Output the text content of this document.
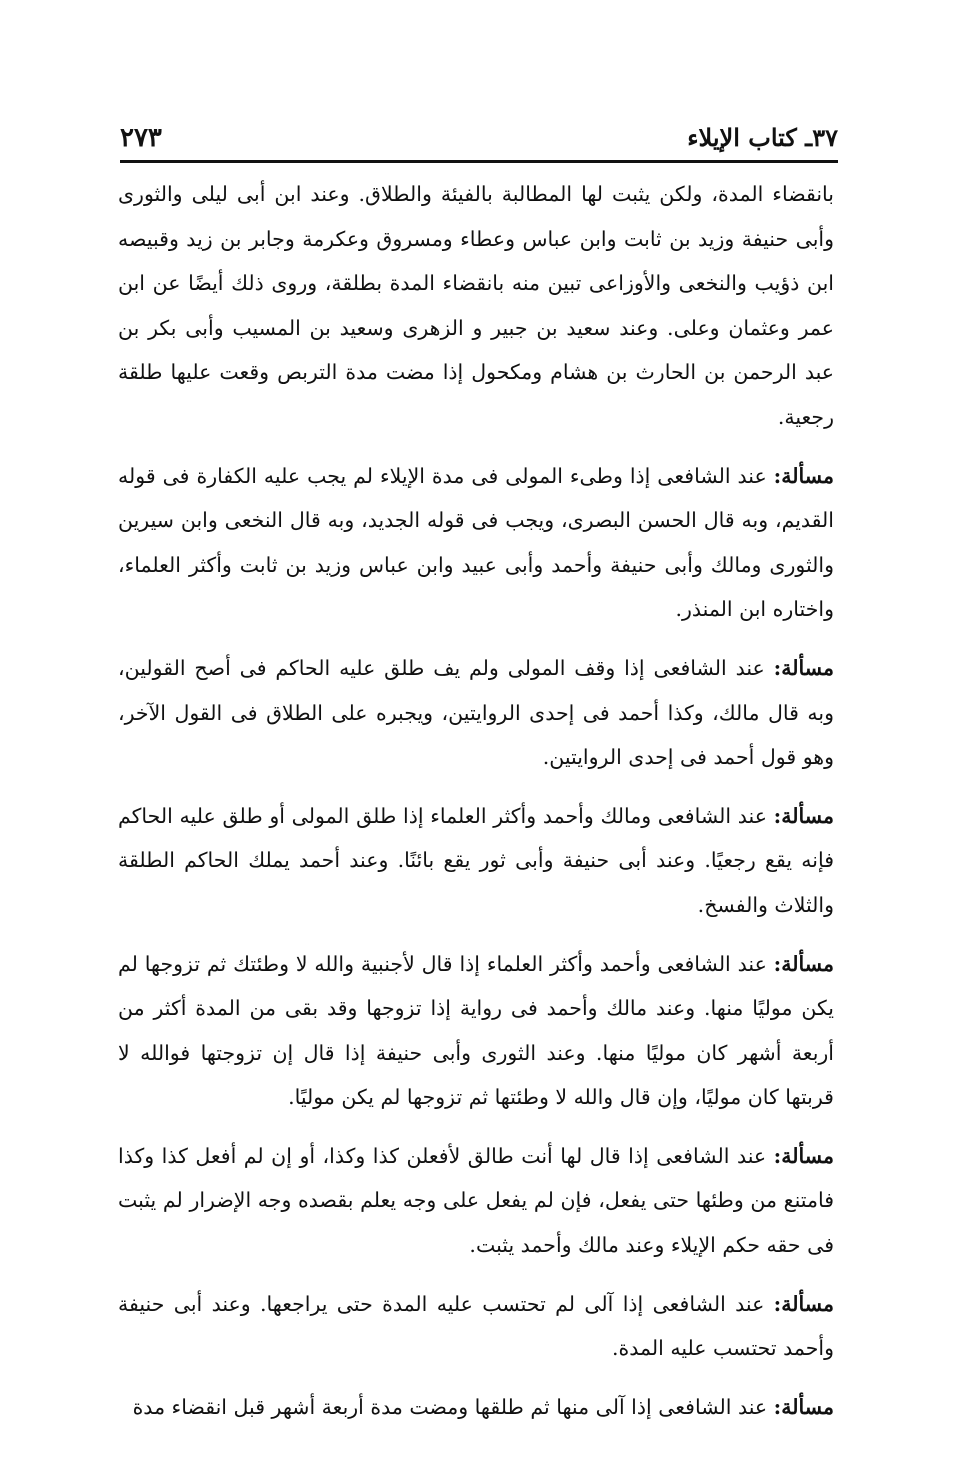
٣٧ـ كتاب الإيلاء
٢٧٣

بانقضاء المدة، ولكن يثبت لها المطالبة بالفيئة والطلاق. وعند ابن أبى ليلى والثورى وأبى حنيفة وزيد بن ثابت وابن عباس وعطاء ومسروق وعكرمة وجابر بن زيد وقبيصه ابن ذؤيب والنخعى والأوزاعى تبين منه بانقضاء المدة بطلقة، وروى ذلك أيضًا عن ابن عمر وعثمان وعلى. وعند سعيد بن جبير و الزهرى وسعيد بن المسيب وأبى بكر بن عبد الرحمن بن الحارث بن هشام ومكحول إذا مضت مدة التربص وقعت عليها طلقة رجعية.

مسألة: عند الشافعى إذا وطىء المولى فى مدة الإيلاء لم يجب عليه الكفارة فى قوله القديم، وبه قال الحسن البصرى، ويجب فى قوله الجديد، وبه قال النخعى وابن سيرين والثورى ومالك وأبى حنيفة وأحمد وأبى عبيد وابن عباس وزيد بن ثابت وأكثر العلماء، واختاره ابن المنذر.

مسألة: عند الشافعى إذا وقف المولى ولم يف طلق عليه الحاكم فى أصح القولين، وبه قال مالك، وكذا أحمد فى إحدى الروايتين، ويجبره على الطلاق فى القول الآخر، وهو قول أحمد فى إحدى الروايتين.

مسألة: عند الشافعى ومالك وأحمد وأكثر العلماء إذا طلق المولى أو طلق عليه الحاكم فإنه يقع رجعيًا. وعند أبى حنيفة وأبى ثور يقع بائنًا. وعند أحمد يملك الحاكم الطلقة والثلاث والفسخ.

مسألة: عند الشافعى وأحمد وأكثر العلماء إذا قال لأجنبية والله لا وطئتك ثم تزوجها لم يكن موليًا منها. وعند مالك وأحمد فى رواية إذا تزوجها وقد بقى من المدة أكثر من أربعة أشهر كان موليًا منها. وعند الثورى وأبى حنيفة إذا قال إن تزوجتها فوالله لا قربتها كان موليًا، وإن قال والله لا وطئتها ثم تزوجها لم يكن موليًا.

مسألة: عند الشافعى إذا قال لها أنت طالق لأفعلن كذا وكذا، أو إن لم أفعل كذا وكذا فامتنع من وطئها حتى يفعل، فإن لم يفعل على وجه يعلم بقصده وجه الإضرار لم يثبت فى حقه حكم الإيلاء وعند مالك وأحمد يثبت.

مسألة: عند الشافعى إذا آلى لم تحتسب عليه المدة حتى يراجعها. وعند أبى حنيفة وأحمد تحتسب عليه المدة.

مسألة: عند الشافعى إذا آلى منها ثم طلقها ومضت مدة أربعة أشهر قبل انقضاء مدة
